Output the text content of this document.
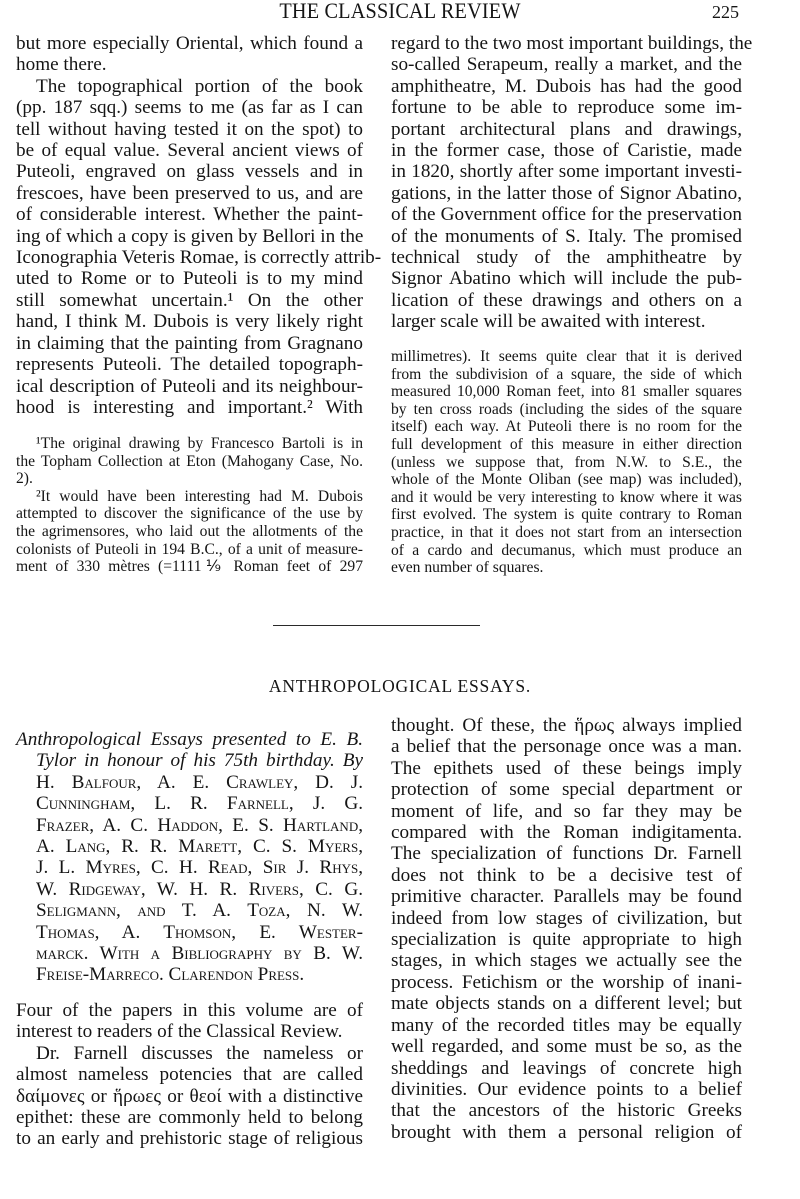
THE CLASSICAL REVIEW	225
but more especially Oriental, which found a
home there.
The topographical portion of the book
(pp. 187 sqq.) seems to me (as far as I can
tell without having tested it on the spot) to
be of equal value. Several ancient views of
Puteoli, engraved on glass vessels and in
frescoes, have been preserved to us, and are
of considerable interest. Whether the paint-
ing of which a copy is given by Bellori in the
Iconographia Veteris Romae, is correctly attrib-
uted to Rome or to Puteoli is to my mind
still somewhat uncertain.¹ On the other
hand, I think M. Dubois is very likely right
in claiming that the painting from Gragnano
represents Puteoli. The detailed topograph-
ical description of Puteoli and its neighbour-
hood is interesting and important.² With
¹The original drawing by Francesco Bartoli is in
the Topham Collection at Eton (Mahogany Case, No.
2).
²It would have been interesting had M. Dubois
attempted to discover the significance of the use by
the agrimensores, who laid out the allotments of the
colonists of Puteoli in 194 B.C., of a unit of measure-
ment of 330 mètres (=1111⅑ Roman feet of 297
regard to the two most important buildings, the
so-called Serapeum, really a market, and the
amphitheatre, M. Dubois has had the good
fortune to be able to reproduce some im-
portant architectural plans and drawings,
in the former case, those of Caristie, made
in 1820, shortly after some important investi-
gations, in the latter those of Signor Abatino,
of the Government office for the preservation
of the monuments of S. Italy. The promised
technical study of the amphitheatre by
Signor Abatino which will include the pub-
lication of these drawings and others on a
larger scale will be awaited with interest.
millimetres). It seems quite clear that it is derived
from the subdivision of a square, the side of which
measured 10,000 Roman feet, into 81 smaller squares
by ten cross roads (including the sides of the square
itself) each way. At Puteoli there is no room for the
full development of this measure in either direction
(unless we suppose that, from N.W. to S.E., the
whole of the Monte Oliban (see map) was included),
and it would be very interesting to know where it was
first evolved. The system is quite contrary to Roman
practice, in that it does not start from an intersection
of a cardo and decumanus, which must produce an
even number of squares.
ANTHROPOLOGICAL ESSAYS.
Anthropological Essays presented to E. B.
Tylor in honour of his 75th birthday. By
H. Balfour, A. E. Crawley, D. J.
Cunningham, L. R. Farnell, J. G.
Frazer, A. C. Haddon, E. S. Hartland,
A. Lang, R. R. Marett, C. S. Myers,
J. L. Myres, C. H. Read, Sir J. Rhys,
W. Ridgeway, W. H. R. Rivers, C. G.
Seligmann, and T. A. Toza, N. W.
Thomas, A. Thomson, E. Wester-
marck. With a Bibliography by B. W.
Freise-Marreco. Clarendon Press.
Four of the papers in this volume are of
interest to readers of the Classical Review.
Dr. Farnell discusses the nameless or
almost nameless potencies that are called
δαίμονες or ἥρωες or θεοί with a distinctive
epithet: these are commonly held to belong
to an early and prehistoric stage of religious
thought. Of these, the ἥρως always implied
a belief that the personage once was a man.
The epithets used of these beings imply
protection of some special department or
moment of life, and so far they may be
compared with the Roman indigitamenta.
The specialization of functions Dr. Farnell
does not think to be a decisive test of
primitive character. Parallels may be found
indeed from low stages of civilization, but
specialization is quite appropriate to high
stages, in which stages we actually see the
process. Fetichism or the worship of inani-
mate objects stands on a different level; but
many of the recorded titles may be equally
well regarded, and some must be so, as the
sheddings and leavings of concrete high
divinities. Our evidence points to a belief
that the ancestors of the historic Greeks
brought with them a personal religion of
